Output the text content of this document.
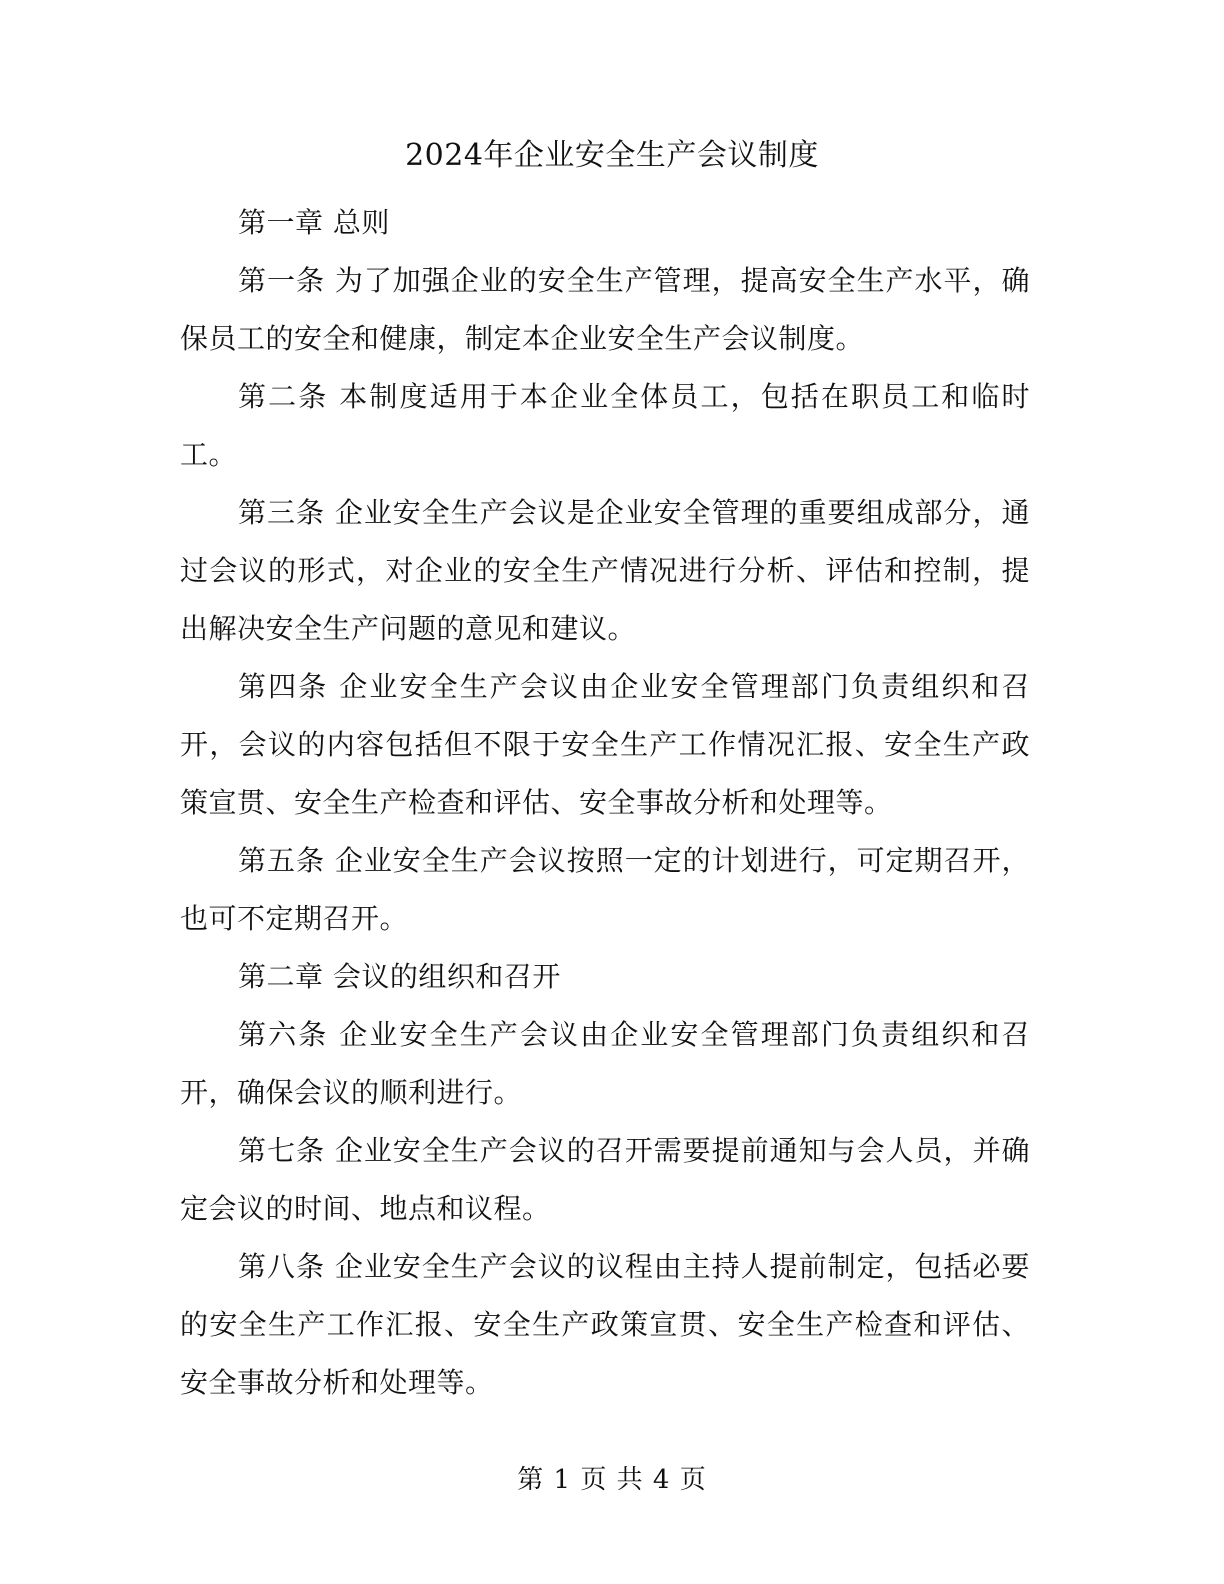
2024年企业安全生产会议制度

第一章 总则

第一条 为了加强企业的安全生产管理，提高安全生产水平，确保员工的安全和健康，制定本企业安全生产会议制度。

第二条 本制度适用于本企业全体员工，包括在职员工和临时工。

第三条 企业安全生产会议是企业安全管理的重要组成部分，通过会议的形式，对企业的安全生产情况进行分析、评估和控制，提出解决安全生产问题的意见和建议。

第四条 企业安全生产会议由企业安全管理部门负责组织和召开，会议的内容包括但不限于安全生产工作情况汇报、安全生产政策宣贯、安全生产检查和评估、安全事故分析和处理等。

第五条 企业安全生产会议按照一定的计划进行，可定期召开，也可不定期召开。

第二章 会议的组织和召开

第六条 企业安全生产会议由企业安全管理部门负责组织和召开，确保会议的顺利进行。

第七条 企业安全生产会议的召开需要提前通知与会人员，并确定会议的时间、地点和议程。

第八条 企业安全生产会议的议程由主持人提前制定，包括必要的安全生产工作汇报、安全生产政策宣贯、安全生产检查和评估、安全事故分析和处理等。

第 1 页 共 4 页
